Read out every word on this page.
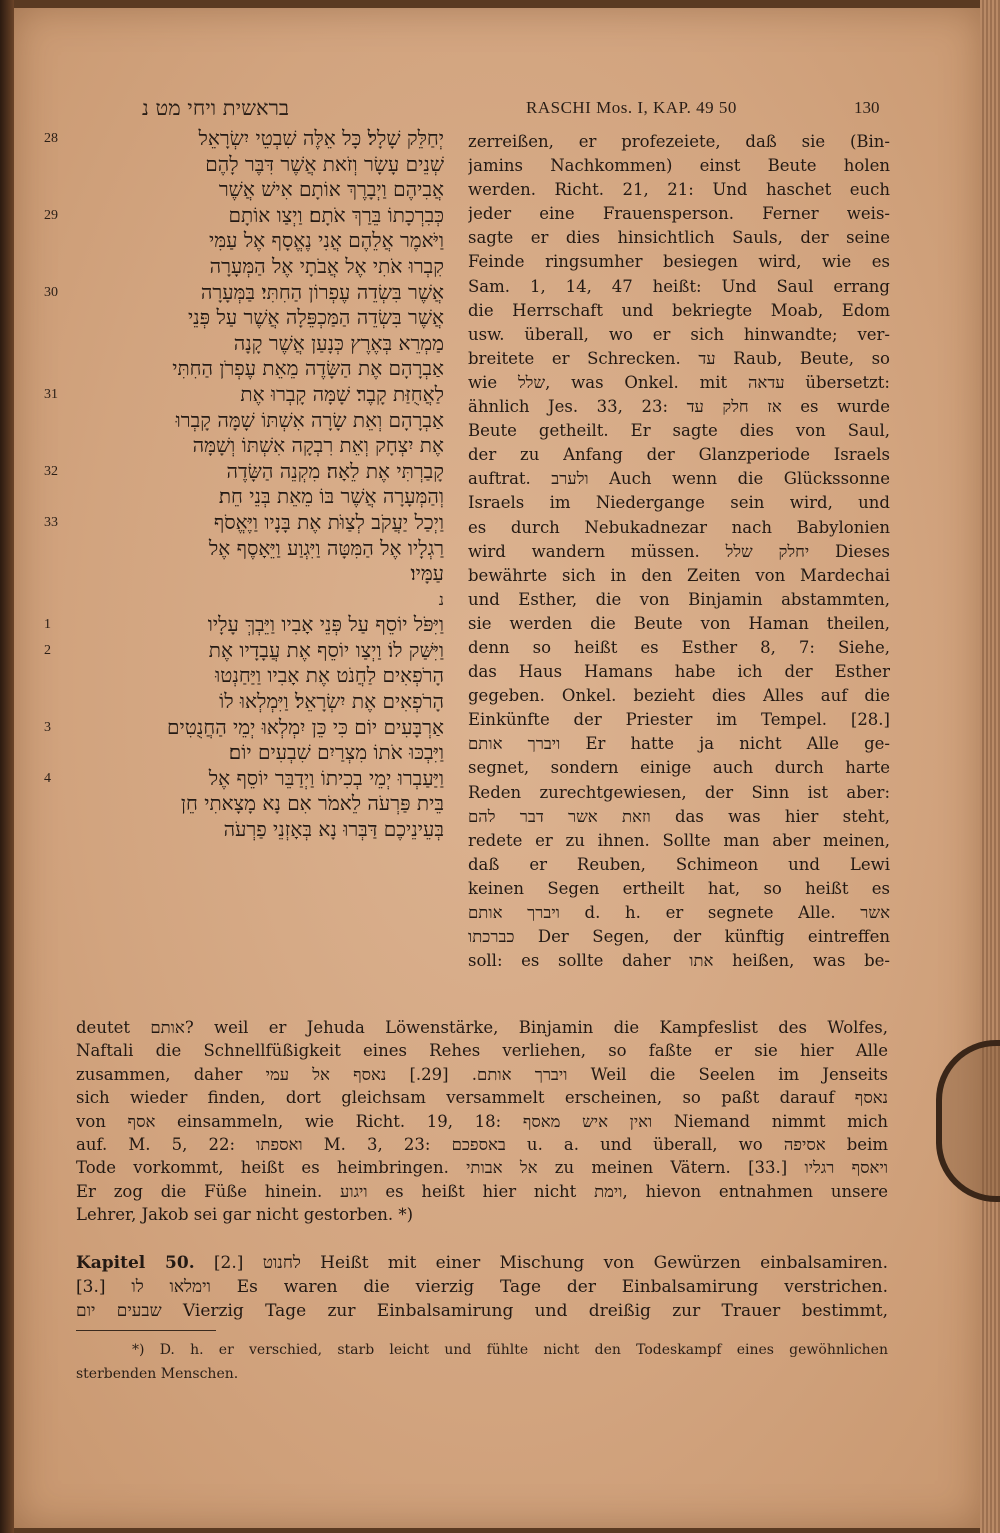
בראשית ויחי מט נ	RASCHI Mos. I, KAP. 49 50	130
יְחַלֵּק שָׁלָל׃ כָּל אֵלֶּה שִׁבְטֵי יִשְׂרָאֵל
28
שְׁנֵים עָשָׂר וְזֹאת אֲשֶׁר דִּבֶּר לָהֶם
אֲבִיהֶם וַיְבָרֶךְ אוֹתָם אִישׁ אֲשֶׁר
כְּבִרְכָתוֹ בֵּרַךְ אֹתָם׃ וַיְצַו אוֹתָם
29
וַיֹּאמֶר אֲלֵהֶם אֲנִי נֶאֱסָף אֶל עַמִּי
קִבְרוּ אֹתִי אֶל אֲבֹתָי אֶל הַמְּעָרָה
אֲשֶׁר בִּשְׂדֵה עֶפְרוֹן הַחִתִּי׃ בַּמְּעָרָה
30
אֲשֶׁר בִּשְׂדֵה הַמַּכְפֵּלָה אֲשֶׁר עַל פְּנֵי
מַמְרֵא בְּאֶרֶץ כְּנָעַן אֲשֶׁר קָנָה
אַבְרָהָם אֶת הַשָּׂדֶה מֵאֵת עֶפְרֹן הַחִתִּי
לַאֲחֻזַּת קָבֶר׃ שָׁמָּה קָבְרוּ אֶת
31
אַבְרָהָם וְאֵת שָׂרָה אִשְׁתּוֹ שָׁמָּה קָבְרוּ
אֶת יִצְחָק וְאֵת רִבְקָה אִשְׁתּוֹ וְשָׁמָּה
קָבַרְתִּי אֶת לֵאָה׃ מִקְנֵה הַשָּׂדֶה
32
וְהַמְּעָרָה אֲשֶׁר בּוֹ מֵאֵת בְּנֵי חֵת׃
וַיְכַל יַעֲקֹב לְצַוֹּת אֶת בָּנָיו וַיֶּאֱסֹף
33
רַגְלָיו אֶל הַמִּטָּה וַיִּגְוַע וַיֵּאָסֶף אֶל
עַמָּיו׃
נ
וַיִּפֹּל יוֹסֵף עַל פְּנֵי אָבִיו וַיֵּבְךְּ עָלָיו
1
וַיִּשַּׁק לוֹ׃ וַיְצַו יוֹסֵף אֶת עֲבָדָיו אֶת
2
הָרֹפְאִים לַחֲנֹט אֶת אָבִיו וַיַּחַנְטוּ
הָרֹפְאִים אֶת יִשְׂרָאֵל׃ וַיִּמְלְאוּ לוֹ
אַרְבָּעִים יוֹם כִּי כֵּן יִמְלְאוּ יְמֵי הַחֲנֻטִים
3
וַיִּבְכּוּ אֹתוֹ מִצְרַיִם שִׁבְעִים יוֹם׃
וַיַּעַבְרוּ יְמֵי בְכִיתוֹ וַיְדַבֵּר יוֹסֵף אֶל
4
בֵּית פַּרְעֹה לֵאמֹר אִם נָא מָצָאתִי חֵן
בְּעֵינֵיכֶם דַּבְּרוּ נָא בְּאָזְנֵי פַרְעֹה
zerreißen, er profezeiete, daß sie (Bin-
jamins Nachkommen) einst Beute holen
werden. Richt. 21, 21: Und haschet euch
jeder eine Frauensperson. Ferner weis-
sagte er dies hinsichtlich Sauls, der seine
Feinde ringsumher besiegen wird, wie es
Sam. 1, 14, 47 heißt: Und Saul errang
die Herrschaft und bekriegte Moab, Edom
usw. überall, wo er sich hinwandte; ver-
breitete er Schrecken. עד Raub, Beute, so
wie שלל, was Onkel. mit עדאה übersetzt:
ähnlich Jes. 33, 23: אז חלק עד es wurde
Beute getheilt. Er sagte dies von Saul,
der zu Anfang der Glanzperiode Israels
auftrat. ולערב Auch wenn die Glückssonne
Israels im Niedergange sein wird, und
es durch Nebukadnezar nach Babylonien
wird wandern müssen. יחלק שלל Dieses
bewährte sich in den Zeiten von Mardechai
und Esther, die von Binjamin abstammten,
sie werden die Beute von Haman theilen,
denn so heißt es Esther 8, 7: Siehe,
das Haus Hamans habe ich der Esther
gegeben. Onkel. bezieht dies Alles auf die
Einkünfte der Priester im Tempel. [28.]
ויברך אותם Er hatte ja nicht Alle ge-
segnet, sondern einige auch durch harte
Reden zurechtgewiesen, der Sinn ist aber:
וזאת אשר דבר להם das was hier steht,
redete er zu ihnen. Sollte man aber meinen,
daß er Reuben, Schimeon und Lewi
keinen Segen ertheilt hat, so heißt es
ויברך אותם d. h. er segnete Alle. אשר
כברכתו Der Segen, der künftig eintreffen
soll: es sollte daher אתו heißen, was be-
deutet אותם? weil er Jehuda Löwenstärke, Binjamin die Kampfeslist des Wolfes,
Naftali die Schnellfüßigkeit eines Rehes verliehen, so faßte er sie hier Alle
zusammen, daher ויברך אותם. [29.] נאסף אל עמי Weil die Seelen im Jenseits
sich wieder finden, dort gleichsam versammelt erscheinen, so paßt darauf נאסף
von אסף einsammeln, wie Richt. 19, 18: ואין איש מאסף Niemand nimmt mich
auf. M. 5, 22: ואספתו M. 3, 23: באספכם u. a. und überall, wo אסיפה beim
Tode vorkommt, heißt es heimbringen. אל אבותי zu meinen Vätern. [33.] ויאסף רגליו
Er zog die Füße hinein. ויגוע es heißt hier nicht וימת, hievon entnahmen unsere
Lehrer, Jakob sei gar nicht gestorben. *)
Kapitel 50. [2.] לחנוט Heißt mit einer Mischung von Gewürzen einbalsamiren.
[3.] וימלאו לו Es waren die vierzig Tage der Einbalsamirung verstrichen.
שבעים יום Vierzig Tage zur Einbalsamirung und dreißig zur Trauer bestimmt,
*) D. h. er verschied, starb leicht und fühlte nicht den Todeskampf eines gewöhnlichen
sterbenden Menschen.
